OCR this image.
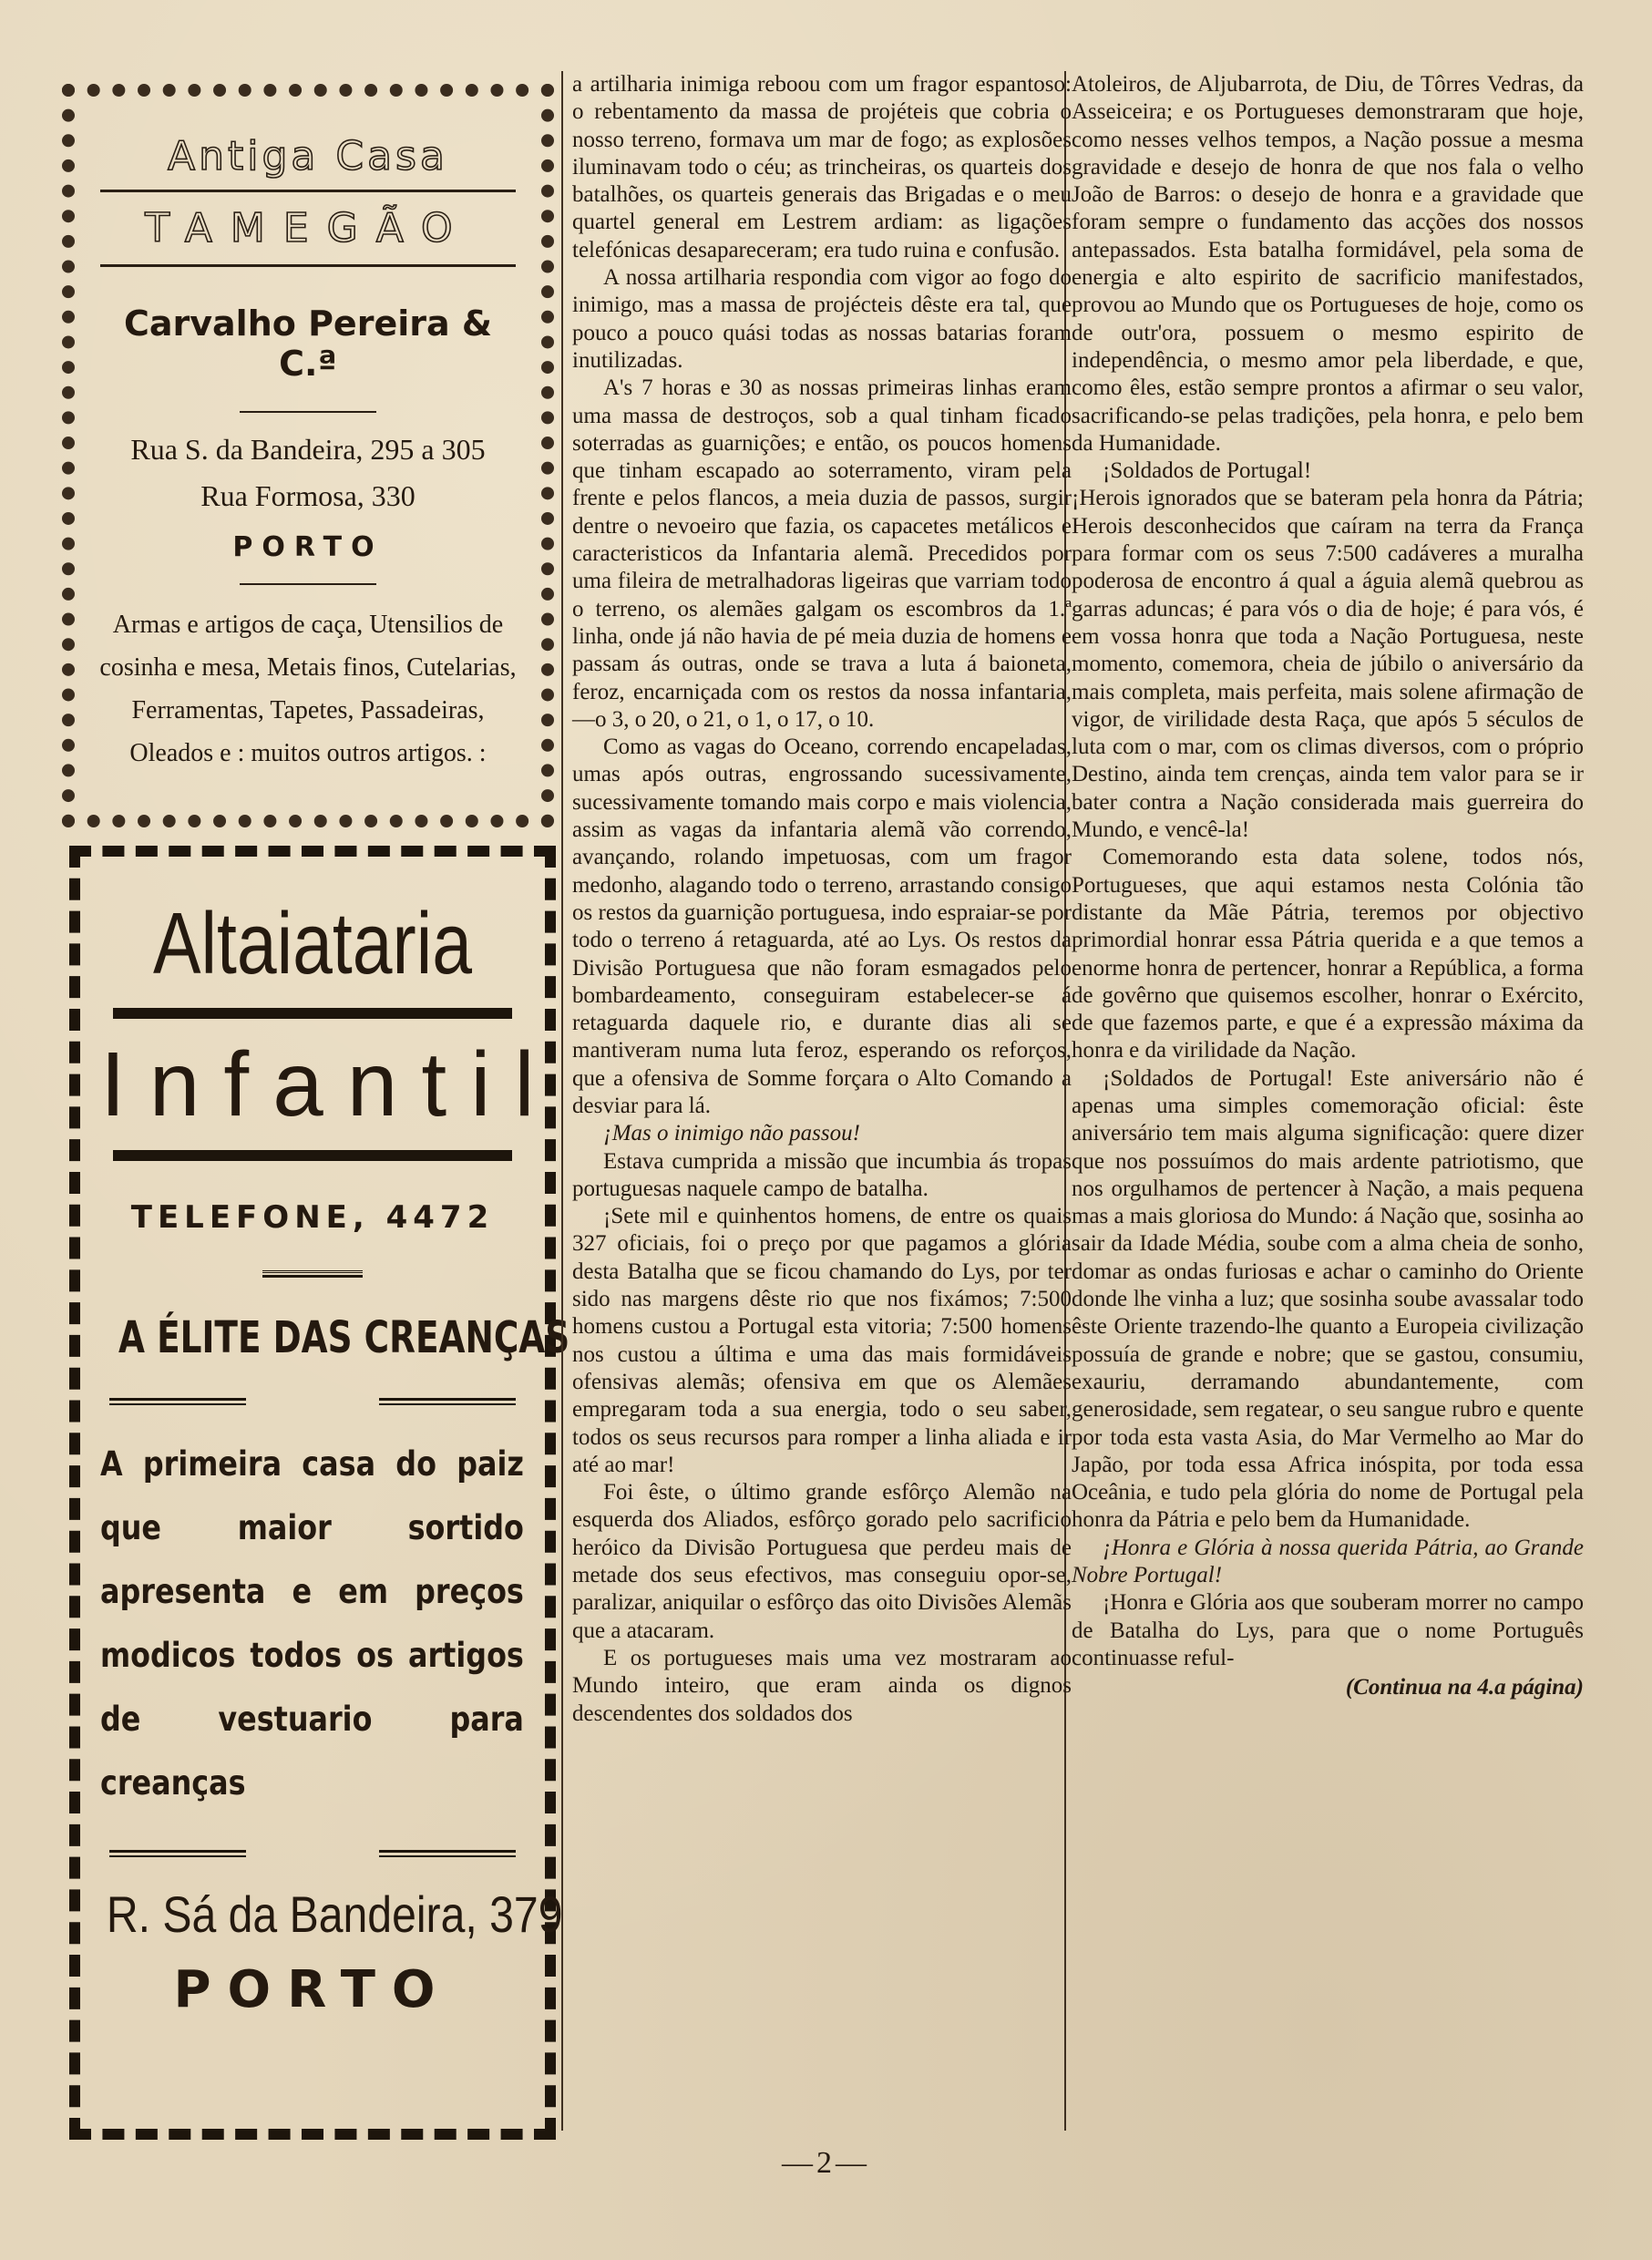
Antiga Casa
TAMEGÃO
Carvalho Pereira & C.ª
Rua S. da Bandeira, 295 a 305
Rua Formosa, 330
PORTO
Armas e artigos de caça, Utensilios de cosinha e mesa, Metais finos, Cutelarias, Ferramentas, Tapetes, Passadeiras, Oleados e : muitos outros artigos. :
Altaiataria
Infantil
TELEFONE, 4472
A ÉLITE DAS CREANÇAS
A primeira casa do paiz que maior sortido apresenta e em preços modicos todos os artigos de vestuario para creanças
R. Sá da Bandeira, 379
PORTO

a artilharia inimiga reboou com um fragor espantoso: o rebentamento da massa de projéteis que cobria o nosso terreno, formava um mar de fogo; as explosões iluminavam todo o céu; as trincheiras, os quarteis dos batalhões, os quarteis generais das Brigadas e o meu quartel general em Lestrem ardiam: as ligações telefónicas desapareceram; era tudo ruina e confusão.

A nossa artilharia respondia com vigor ao fogo do inimigo, mas a massa de projécteis dêste era tal, que pouco a pouco quási todas as nossas batarias foram inutilizadas.

A's 7 horas e 30 as nossas primeiras linhas eram uma massa de destroços, sob a qual tinham ficado soterradas as guarnições; e então, os poucos homens que tinham escapado ao soterramento, viram pela frente e pelos flancos, a meia duzia de passos, surgir dentre o nevoeiro que fazia, os capacetes metálicos e caracteristicos da Infantaria alemã. Precedidos por uma fileira de metralhadoras ligeiras que varriam todo o terreno, os alemães galgam os escombros da 1.ª linha, onde já não havia de pé meia duzia de homens e passam ás outras, onde se trava a luta á baioneta, feroz, encarniçada com os restos da nossa infantaria,—o 3, o 20, o 21, o 1, o 17, o 10.

Como as vagas do Oceano, correndo encapeladas, umas após outras, engrossando sucessivamente, sucessivamente tomando mais corpo e mais violencia, assim as vagas da infantaria alemã vão correndo, avançando, rolando impetuosas, com um fragor medonho, alagando todo o terreno, arrastando consigo os restos da guarnição portuguesa, indo espraiar-se por todo o terreno á retaguarda, até ao Lys. Os restos da Divisão Portuguesa que não foram esmagados pelo bombardeamento, conseguiram estabelecer-se á retaguarda daquele rio, e durante dias ali se mantiveram numa luta feroz, esperando os reforços, que a ofensiva de Somme forçara o Alto Comando a desviar para lá.

¡Mas o inimigo não passou!

Estava cumprida a missão que incumbia ás tropas portuguesas naquele campo de batalha.

¡Sete mil e quinhentos homens, de entre os quais 327 oficiais, foi o preço por que pagamos a glória desta Batalha que se ficou chamando do Lys, por ter sido nas margens dêste rio que nos fixámos; 7:500 homens custou a Portugal esta vitoria; 7:500 homens nos custou a última e uma das mais formidáveis ofensivas alemãs; ofensiva em que os Alemães empregaram toda a sua energia, todo o seu saber, todos os seus recursos para romper a linha aliada e ir até ao mar!

Foi êste, o último grande esfôrço Alemão na esquerda dos Aliados, esfôrço gorado pelo sacrificio heróico da Divisão Portuguesa que perdeu mais de metade dos seus efectivos, mas conseguiu opor-se, paralizar, aniquilar o esfôrço das oito Divisões Alemãs que a atacaram.

E os portugueses mais uma vez mostraram ao Mundo inteiro, que eram ainda os dignos descendentes dos soldados dos

Atoleiros, de Aljubarrota, de Diu, de Tôrres Vedras, da Asseiceira; e os Portugueses demonstraram que hoje, como nesses velhos tempos, a Nação possue a mesma gravidade e desejo de honra de que nos fala o velho João de Barros: o desejo de honra e a gravidade que foram sempre o fundamento das acções dos nossos antepassados. Esta batalha formidável, pela soma de energia e alto espirito de sacrificio manifestados, provou ao Mundo que os Portugueses de hoje, como os de outr'ora, possuem o mesmo espirito de independência, o mesmo amor pela liberdade, e que, como êles, estão sempre prontos a afirmar o seu valor, sacrificando-se pelas tradições, pela honra, e pelo bem da Humanidade.

¡Soldados de Portugal!

¡Herois ignorados que se bateram pela honra da Pátria; Herois desconhecidos que caíram na terra da França para formar com os seus 7:500 cadáveres a muralha poderosa de encontro á qual a águia alemã quebrou as garras aduncas; é para vós o dia de hoje; é para vós, é em vossa honra que toda a Nação Portuguesa, neste momento, comemora, cheia de júbilo o aniversário da mais completa, mais perfeita, mais solene afirmação de vigor, de virilidade desta Raça, que após 5 séculos de luta com o mar, com os climas diversos, com o próprio Destino, ainda tem crenças, ainda tem valor para se ir bater contra a Nação considerada mais guerreira do Mundo, e vencê-la!

Comemorando esta data solene, todos nós, Portugueses, que aqui estamos nesta Colónia tão distante da Mãe Pátria, teremos por objectivo primordial honrar essa Pátria querida e a que temos a enorme honra de pertencer, honrar a República, a forma de govêrno que quisemos escolher, honrar o Exército, de que fazemos parte, e que é a expressão máxima da honra e da virilidade da Nação.

¡Soldados de Portugal! Este aniversário não é apenas uma simples comemoração oficial: êste aniversário tem mais alguma significação: quere dizer que nos possuímos do mais ardente patriotismo, que nos orgulhamos de pertencer à Nação, a mais pequena mas a mais gloriosa do Mundo: á Nação que, sosinha ao sair da Idade Média, soube com a alma cheia de sonho, domar as ondas furiosas e achar o caminho do Oriente donde lhe vinha a luz; que sosinha soube avassalar todo êste Oriente trazendo-lhe quanto a Europeia civilização possuía de grande e nobre; que se gastou, consumiu, exauriu, derramando abundantemente, com generosidade, sem regatear, o seu sangue rubro e quente por toda esta vasta Asia, do Mar Vermelho ao Mar do Japão, por toda essa Africa inóspita, por toda essa Oceânia, e tudo pela glória do nome de Portugal pela honra da Pátria e pelo bem da Humanidade.

¡Honra e Glória à nossa querida Pátria, ao Grande Nobre Portugal!

¡Honra e Glória aos que souberam morrer no campo de Batalha do Lys, para que o nome Português continuasse reful-

(Continua na 4.a página)
—2—
